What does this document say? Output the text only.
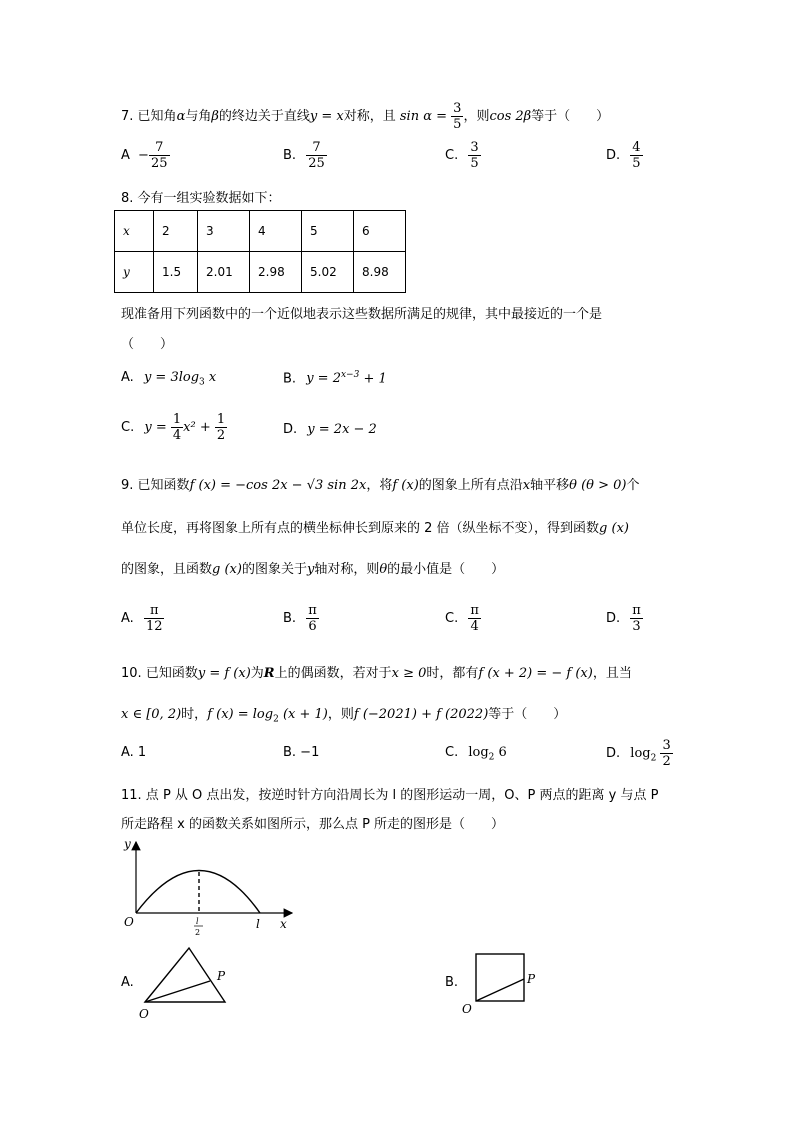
7. 已知角α与角β的终边关于直线y = x对称，且 $\sin \alpha = \frac{3}{5}$ ，则cos 2β等于（　　）
$A - \frac{7}{25}$	B. $\frac{7}{25}$	C. $\frac{3}{5}$	D. $\frac{4}{5}$
8. 今有一组实验数据如下：
x	2	3	4	5	6
y	1.5	2.01	2.98	5.02	8.98
现准备用下列函数中的一个近似地表示这些数据所满足的规律，其中最接近的一个是
（　　）
A. $y = 3\log_3$ x	B. $y = 2^{x-3} + 1$
C. $y = \frac{1}{4} x^2 + \frac{1}{2}$	D. y = 2x − 2
9. 已知函数f (x) = −cos 2x − √3 sin 2x，将f (x)的图象上所有点沿x轴平移θ (θ > 0)个
单位长度，再将图象上所有点的横坐标伸长到原来的 2 倍（纵坐标不变），得到函数g (x)
的图象，且函数g (x)的图象关于y轴对称，则θ的最小值是（　　）
A. $\frac{\pi}{12}$	B. $\frac{\pi}{6}$	C. $\frac{\pi}{4}$	D. $\frac{\pi}{3}$
10. 已知函数y = f (x)为R上的偶函数，若对于x ≥ 0时，都有f (x + 2) = − f (x)，且当
x ∈ [0, 2)时，f $(x) = \log_2 (x + 1)$，则f (−2021) + f (2022)等于（　　）
A. 1	B. −1	C. $\log_2 6$	D. $\log_2 \frac{3}{2}$
11. 点 P 从 O 点出发，按逆时针方向沿周长为 l 的图形运动一周，O、P 两点的距离 y 与点 P
所走路程 x 的函数关系如图所示，那么点 P 所走的图形是（　　）
y
O	l x
l
2
A.	P
O
B.	P
O
